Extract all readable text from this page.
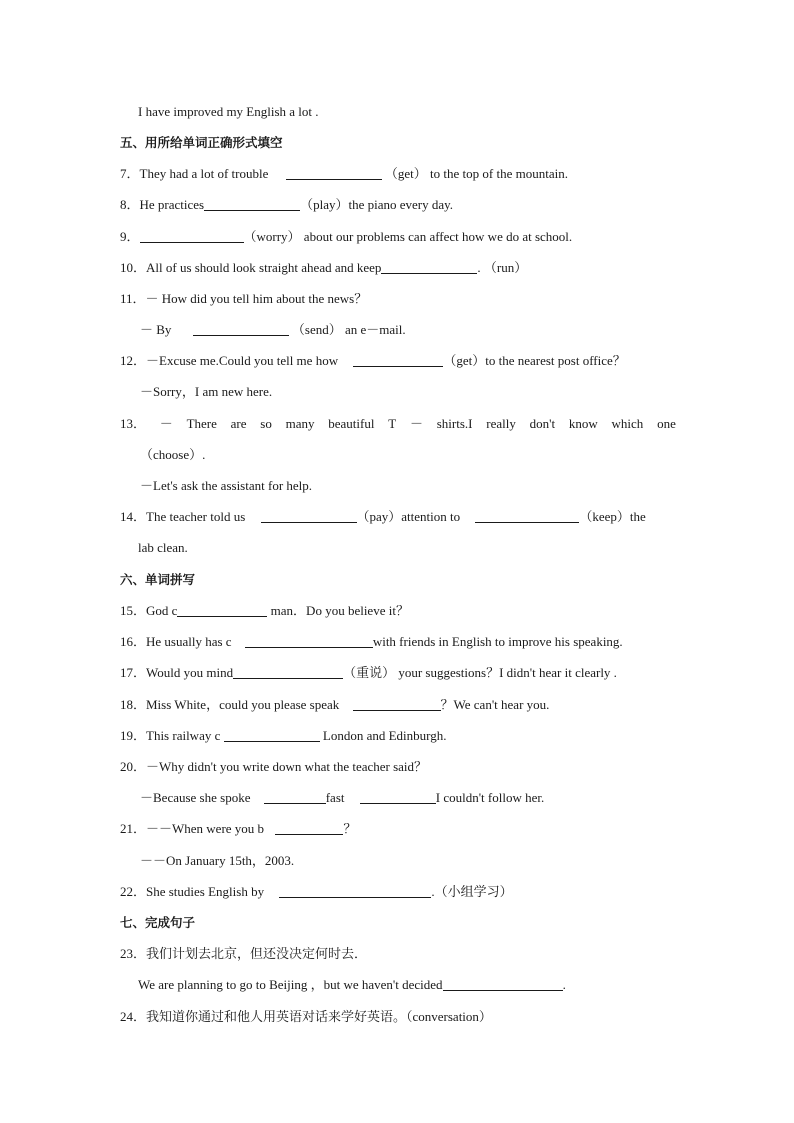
I have improved my English a lot .
五、用所给单词正确形式填空
7．They had a lot of trouble	（get） to the top of the mountain.
8．He practices	（play）the piano every day.
9．	（worry） about our problems can affect how we do at school.
10．All of us should look straight ahead and keep	. （run）
11．－ How did you tell him about the news？
－ By	（send） an e－mail.
12．－Excuse me.Could you tell me how	（get）to the nearest post office？
－Sorry，I am new here.
13． － There are so many beautiful T － shirts.I really don't know which one
（choose）.
－Let's ask the assistant for help.
14．The teacher told us	（pay）attention to	（keep）the
lab clean.
六、单词拼写
15．God c	man．Do you believe it？
16．He usually has c	with friends in English to improve his speaking.
17．Would you mind	（重说） your suggestions？I didn't hear it clearly .
18．Miss White，could you please speak	？We can't hear you.
19．This railway c	London and Edinburgh.
20．－Why didn't you write down what the teacher said？
－Because she spoke	fast	I couldn't follow her.
21．－－When were you b	？
－－On January 15th，2003.
22．She studies English by	.（小组学习）
七、完成句子
23．我们计划去北京，但还没决定何时去．
We are planning to go to Beijing ，but we haven't decided	.
24．我知道你通过和他人用英语对话来学好英语。（conversation）
